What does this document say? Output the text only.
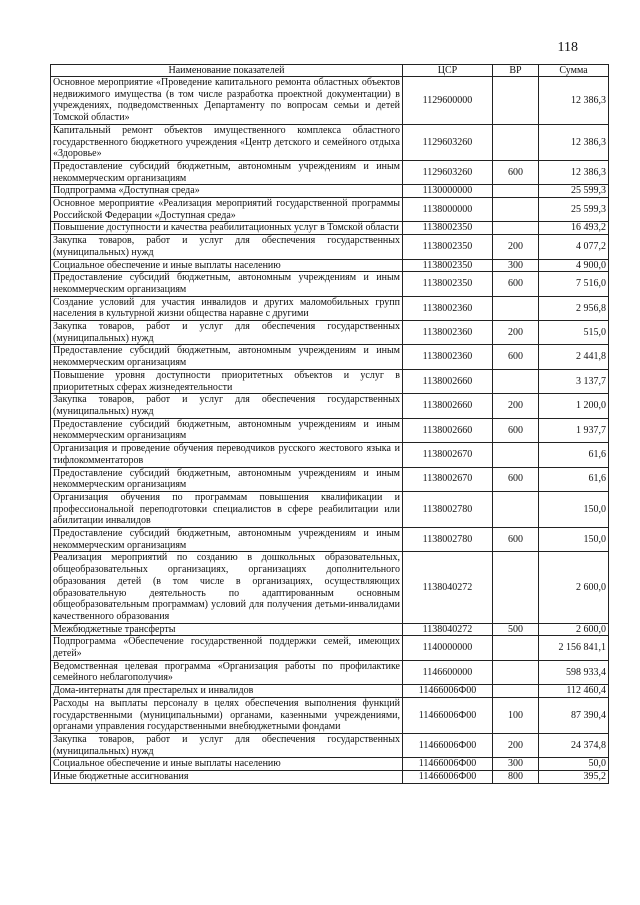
118
Наименование показателей	ЦСР	ВР	Сумма
Основное мероприятие «Проведение капитального ремонта областных объектов недвижимого имущества (в том числе разработка проектной документации) в учреждениях, подведомственных Департаменту по вопросам семьи и детей Томской области»	1129600000		12 386,3
Капитальный ремонт объектов имущественного комплекса областного государственного бюджетного учреждения «Центр детского и семейного отдыха «Здоровье»	1129603260		12 386,3
Предоставление субсидий бюджетным, автономным учреждениям и иным некоммерческим организациям	1129603260	600	12 386,3
Подпрограмма «Доступная среда»	1130000000		25 599,3
Основное мероприятие «Реализация мероприятий государственной программы Российской Федерации «Доступная среда»	1138000000		25 599,3
Повышение доступности и качества реабилитационных услуг в Томской области	1138002350		16 493,2
Закупка товаров, работ и услуг для обеспечения государственных (муниципальных) нужд	1138002350	200	4 077,2
Социальное обеспечение и иные выплаты населению	1138002350	300	4 900,0
Предоставление субсидий бюджетным, автономным учреждениям и иным некоммерческим организациям	1138002350	600	7 516,0
Создание условий для участия инвалидов и других маломобильных групп населения в культурной жизни общества наравне с другими	1138002360		2 956,8
Закупка товаров, работ и услуг для обеспечения государственных (муниципальных) нужд	1138002360	200	515,0
Предоставление субсидий бюджетным, автономным учреждениям и иным некоммерческим организациям	1138002360	600	2 441,8
Повышение уровня доступности приоритетных объектов и услуг в приоритетных сферах жизнедеятельности	1138002660		3 137,7
Закупка товаров, работ и услуг для обеспечения государственных (муниципальных) нужд	1138002660	200	1 200,0
Предоставление субсидий бюджетным, автономным учреждениям и иным некоммерческим организациям	1138002660	600	1 937,7
Организация и проведение обучения переводчиков русского жестового языка и тифлокомментаторов	1138002670		61,6
Предоставление субсидий бюджетным, автономным учреждениям и иным некоммерческим организациям	1138002670	600	61,6
Организация обучения по программам повышения квалификации и профессиональной переподготовки специалистов в сфере реабилитации или абилитации инвалидов	1138002780		150,0
Предоставление субсидий бюджетным, автономным учреждениям и иным некоммерческим организациям	1138002780	600	150,0
Реализация мероприятий по созданию в дошкольных образовательных, общеобразовательных организациях, организациях дополнительного образования детей (в том числе в организациях, осуществляющих образовательную деятельность по адаптированным основным общеобразовательным программам) условий для получения детьми-инвалидами качественного образования	1138040272		2 600,0
Межбюджетные трансферты	1138040272	500	2 600,0
Подпрограмма «Обеспечение государственной поддержки семей, имеющих детей»	1140000000		2 156 841,1
Ведомственная целевая программа «Организация работы по профилактике семейного неблагополучия»	1146600000		598 933,4
Дома-интернаты для престарелых и инвалидов	11466006Ф00		112 460,4
Расходы на выплаты персоналу в целях обеспечения выполнения функций государственными (муниципальными) органами, казенными учреждениями, органами управления государственными внебюджетными фондами	11466006Ф00	100	87 390,4
Закупка товаров, работ и услуг для обеспечения государственных (муниципальных) нужд	11466006Ф00	200	24 374,8
Социальное обеспечение и иные выплаты населению	11466006Ф00	300	50,0
Иные бюджетные ассигнования	11466006Ф00	800	395,2
